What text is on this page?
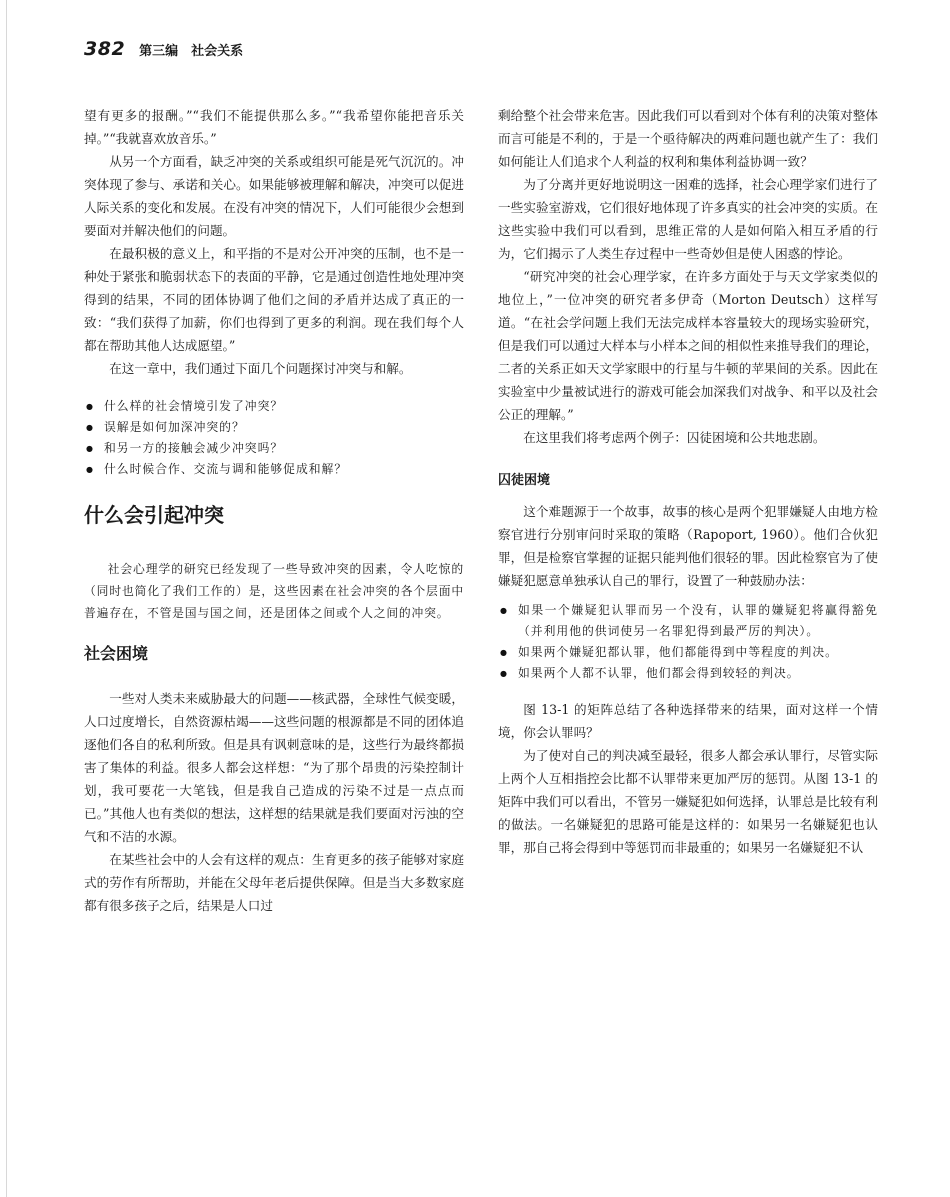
382 第三编　社会关系

望有更多的报酬。”“我们不能提供那么多。”“我希望你能把音乐关掉。”“我就喜欢放音乐。”

从另一个方面看，缺乏冲突的关系或组织可能是死气沉沉的。冲突体现了参与、承诺和关心。如果能够被理解和解决，冲突可以促进人际关系的变化和发展。在没有冲突的情况下，人们可能很少会想到要面对并解决他们的问题。

在最积极的意义上，和平指的不是对公开冲突的压制，也不是一种处于紧张和脆弱状态下的表面的平静，它是通过创造性地处理冲突得到的结果，不同的团体协调了他们之间的矛盾并达成了真正的一致：“我们获得了加薪，你们也得到了更多的利润。现在我们每个人都在帮助其他人达成愿望。”

在这一章中，我们通过下面几个问题探讨冲突与和解。

● 什么样的社会情境引发了冲突？
● 误解是如何加深冲突的？
● 和另一方的接触会减少冲突吗？
● 什么时候合作、交流与调和能够促成和解？
什么会引起冲突

社会心理学的研究已经发现了一些导致冲突的因素，令人吃惊的（同时也简化了我们工作的）是，这些因素在社会冲突的各个层面中普遍存在，不管是国与国之间，还是团体之间或个人之间的冲突。

社会困境

一些对人类未来威胁最大的问题——核武器，全球性气候变暖，人口过度增长，自然资源枯竭——这些问题的根源都是不同的团体追逐他们各自的私利所致。但是具有讽刺意味的是，这些行为最终都损害了集体的利益。很多人都会这样想：“为了那个昂贵的污染控制计划，我可要花一大笔钱，但是我自己造成的污染不过是一点点而已。”其他人也有类似的想法，这样想的结果就是我们要面对污浊的空气和不洁的水源。

在某些社会中的人会有这样的观点：生育更多的孩子能够对家庭式的劳作有所帮助，并能在父母年老后提供保障。但是当大多数家庭都有很多孩子之后，结果是人口过

剩给整个社会带来危害。因此我们可以看到对个体有利的决策对整体而言可能是不利的，于是一个亟待解决的两难问题也就产生了：我们如何能让人们追求个人利益的权利和集体利益协调一致？

为了分离并更好地说明这一困难的选择，社会心理学家们进行了一些实验室游戏，它们很好地体现了许多真实的社会冲突的实质。在这些实验中我们可以看到，思维正常的人是如何陷入相互矛盾的行为，它们揭示了人类生存过程中一些奇妙但是使人困惑的悖论。

“研究冲突的社会心理学家，在许多方面处于与天文学家类似的地位上，”一位冲突的研究者多伊奇（Morton Deutsch）这样写道。“在社会学问题上我们无法完成样本容量较大的现场实验研究，但是我们可以通过大样本与小样本之间的相似性来推导我们的理论，二者的关系正如天文学家眼中的行星与牛顿的苹果间的关系。因此在实验室中少量被试进行的游戏可能会加深我们对战争、和平以及社会公正的理解。”

在这里我们将考虑两个例子：囚徒困境和公共地悲剧。

囚徒困境

这个难题源于一个故事，故事的核心是两个犯罪嫌疑人由地方检察官进行分别审问时采取的策略（Rapoport, 1960）。他们合伙犯罪，但是检察官掌握的证据只能判他们很轻的罪。因此检察官为了使嫌疑犯愿意单独承认自己的罪行，设置了一种鼓励办法：

● 如果一个嫌疑犯认罪而另一个没有，认罪的嫌疑犯将赢得豁免（并利用他的供词使另一名罪犯得到最严厉的判决）。
● 如果两个嫌疑犯都认罪，他们都能得到中等程度的判决。
● 如果两个人都不认罪，他们都会得到较轻的判决。

图 13-1 的矩阵总结了各种选择带来的结果，面对这样一个情境，你会认罪吗？

为了使对自己的判决减至最轻，很多人都会承认罪行，尽管实际上两个人互相指控会比都不认罪带来更加严厉的惩罚。从图 13-1 的矩阵中我们可以看出，不管另一嫌疑犯如何选择，认罪总是比较有利的做法。一名嫌疑犯的思路可能是这样的：如果另一名嫌疑犯也认罪，那自己将会得到中等惩罚而非最重的；如果另一名嫌疑犯不认
